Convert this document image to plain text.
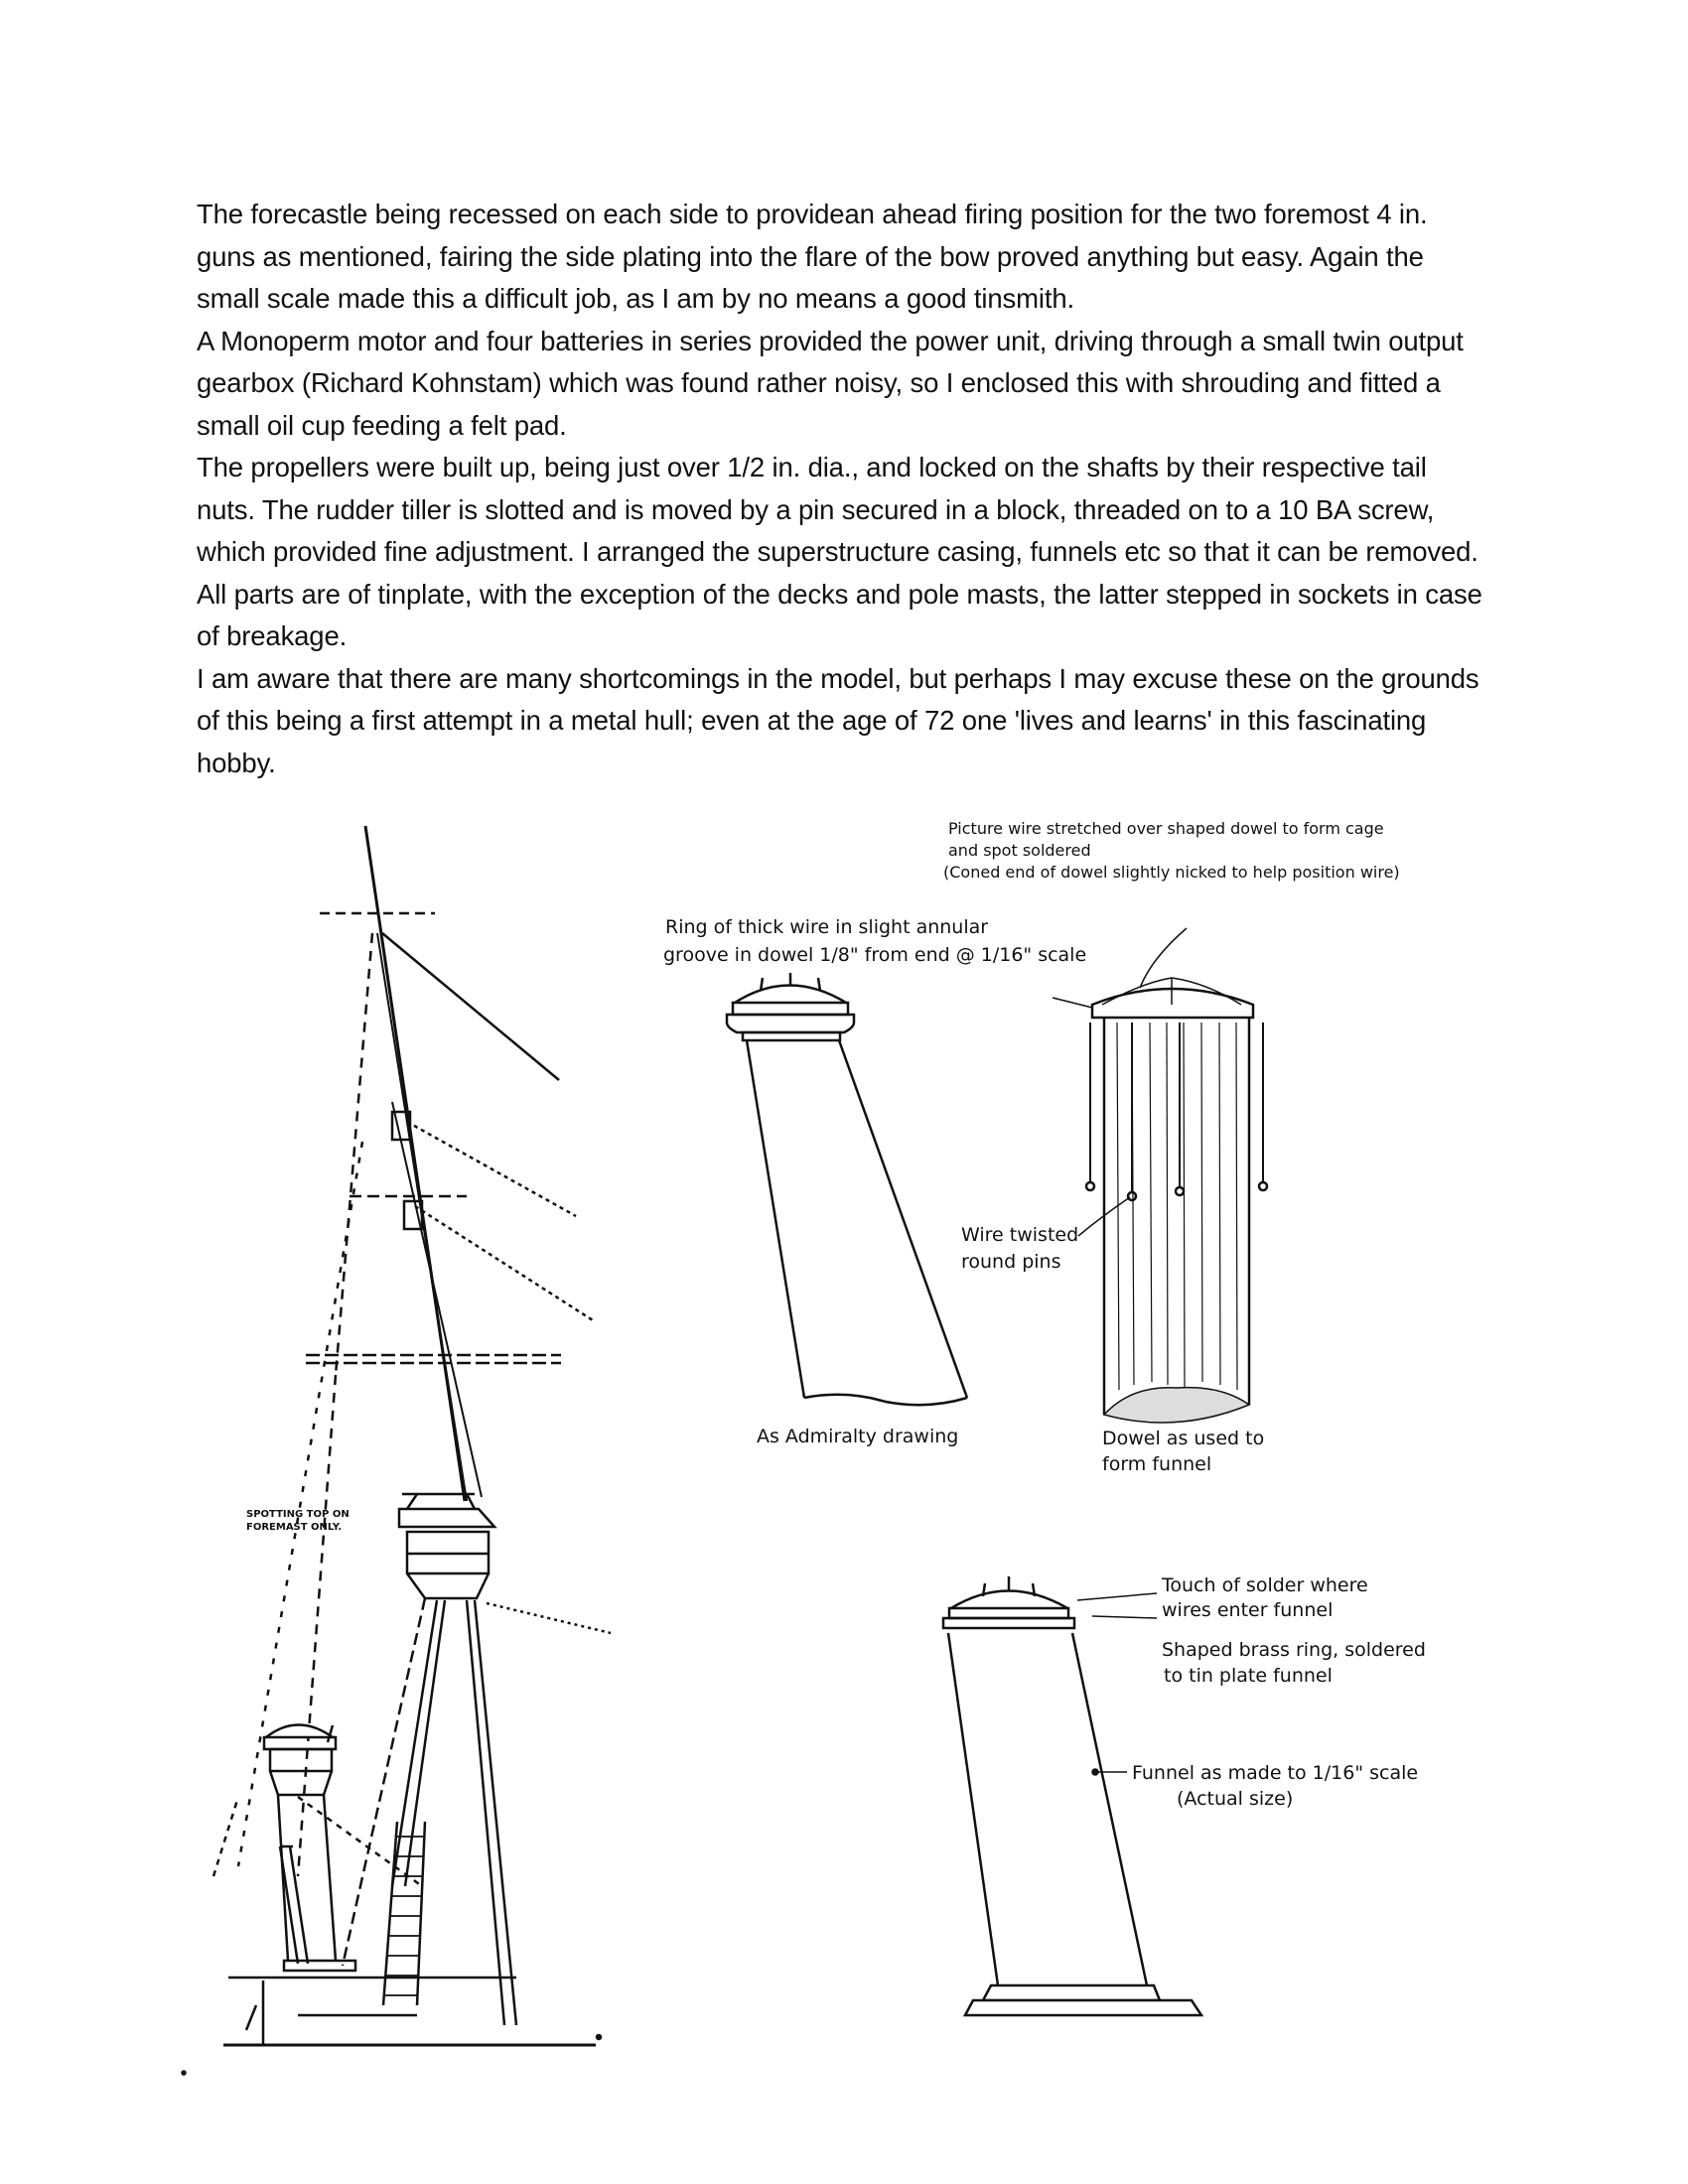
The forecastle being recessed on each side to providean ahead firing position for the two foremost 4 in. guns as mentioned, fairing the side plating into the flare of the bow proved anything but easy. Again the small scale made this a difficult job, as I am by no means a good tinsmith.

A Monoperm motor and four batteries in series provided the power unit, driving through a small twin output gearbox (Richard Kohnstam) which was found rather noisy, so I enclosed this with shrouding and fitted a small oil cup feeding a felt pad.

The propellers were built up, being just over 1/2 in. dia., and locked on the shafts by their respective tail nuts. The rudder tiller is slotted and is moved by a pin secured in a block, threaded on to a 10 BA screw, which provided fine adjustment. I arranged the superstructure casing, funnels etc so that it can be removed. All parts are of tinplate, with the exception of the decks and pole masts, the latter stepped in sockets in case of breakage.

I am aware that there are many shortcomings in the model, but perhaps I may excuse these on the grounds of this being a first attempt in a metal hull; even at the age of 72 one 'lives and learns' in this fascinating hobby.

Picture wire stretched over shaped dowel to form cage
and spot soldered
(Coned end of dowel slightly nicked to help position wire)
Ring of thick wire in slight annular
groove in dowel 1/8" from end @ 1/16" scale
Wire twisted
round pins
As Admiralty drawing	Dowel as used to
form funnel
SPOTTING TOP ON
FOREMAST ONLY.
Touch of solder where
wires enter funnel
Shaped brass ring, soldered
to tin plate funnel
Funnel as made to 1/16" scale
(Actual size)
